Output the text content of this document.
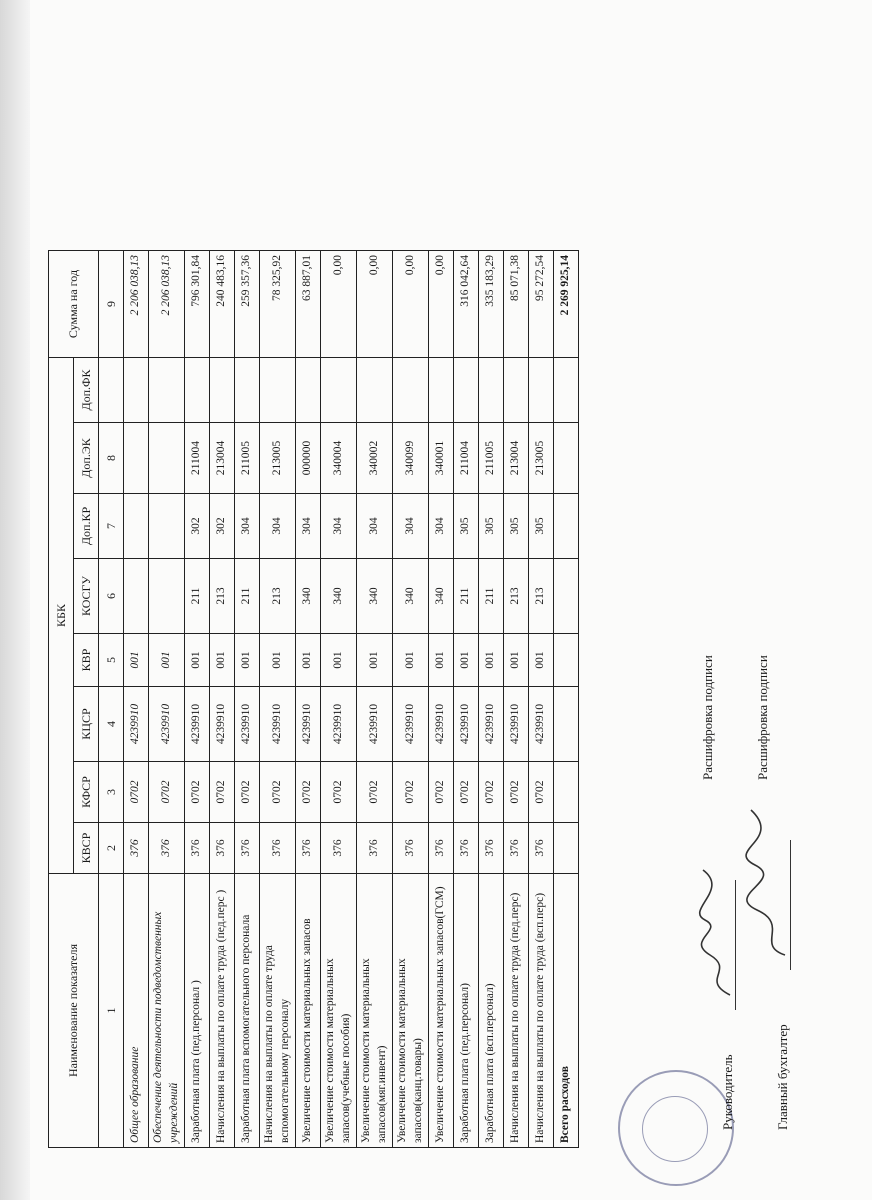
Наименование показателя	КБК								Сумма на год
	КВСР	КФСР	КЦСР	КВР	КОСГУ	Доп.КР	Доп.ЭК	Доп.ФК	
1	2	3	4	5	6	7	8		9
Общее образование	376	0702	4239910	001					2 206 038,13
Обеспечение деятельности подведомственных учреждений	376	0702	4239910	001					2 206 038,13
Заработная плата (пед.персонал )	376	0702	4239910	001	211	302	211004		796 301,84
Начисления на выплаты по оплате труда (пед.перс )	376	0702	4239910	001	213	302	213004		240 483,16
Заработная плата вспомогательного персонала	376	0702	4239910	001	211	304	211005		259 357,36
Начисления на выплаты по оплате труда вспомогательному персоналу	376	0702	4239910	001	213	304	213005		78 325,92
Увеличение стоимости материальных запасов	376	0702	4239910	001	340	304	000000		63 887,01
Увеличение стоимости материальных запасов(учебные пособия)	376	0702	4239910	001	340	304	340004		0,00
Увеличение стоимости материальных запасов(мяг.инвент)	376	0702	4239910	001	340	304	340002		0,00
Увеличение стоимости материальных запасов(канц.товары)	376	0702	4239910	001	340	304	340099		0,00
Увеличение стоимости материальных запасов(ГСМ)	376	0702	4239910	001	340	304	340001		0,00
Заработная плата (пед.персонал)	376	0702	4239910	001	211	305	211004		316 042,64
Заработная плата (всп.персонал)	376	0702	4239910	001	211	305	211005		335 183,29
Начисления на выплаты по оплате труда (пед.перс)	376	0702	4239910	001	213	305	213004		85 071,38
Начисления на выплаты по оплате труда (всп.перс)	376	0702	4239910	001	213	305	213005		95 272,54
Всего расходов									2 269 925,14
Руководитель
Расшифровка подписи
Главный бухгалтер
Расшифровка подписи
